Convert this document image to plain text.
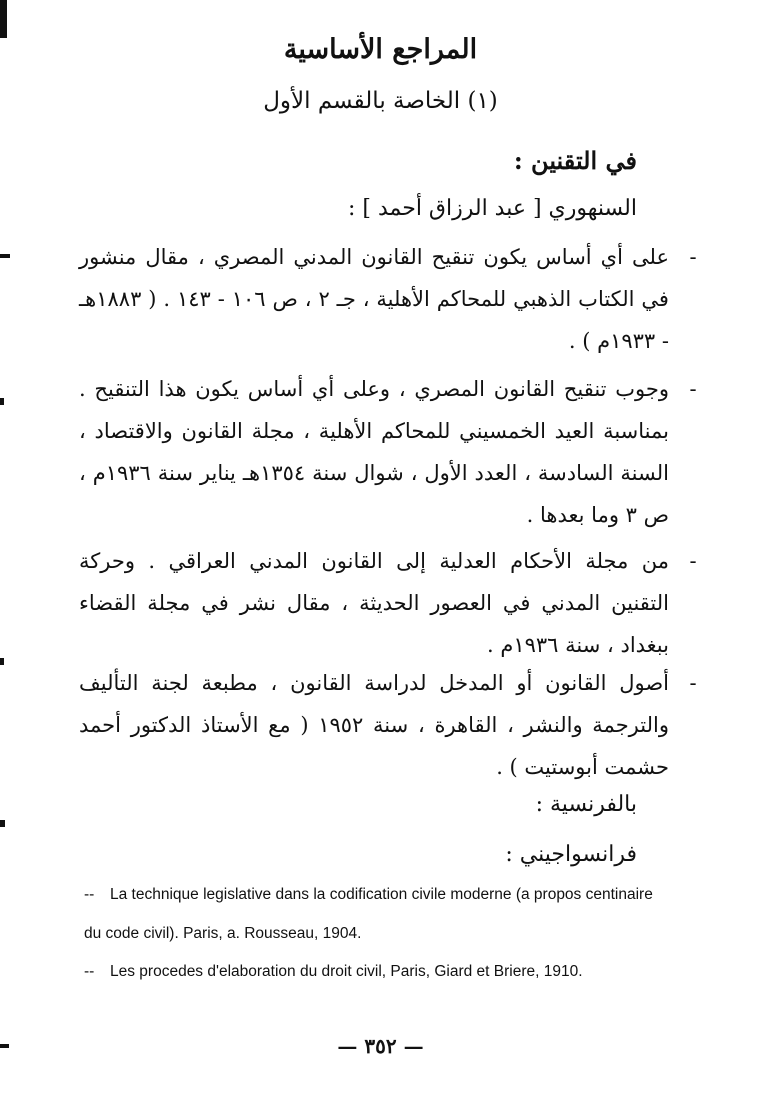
المراجع الأساسية
(١) الخاصة بالقسم الأول
في التقنين :
السنهوري [ عبد الرزاق أحمد ] :
-
على أي أساس يكون تنقيح القانون المدني المصري ، مقال منشور في الكتاب الذهبي للمحاكم الأهلية ، جـ ٢ ، ص ١٠٦ - ١٤٣ . ( ١٨٨٣هـ - ١٩٣٣م ) .
-
وجوب تنقيح القانون المصري ، وعلى أي أساس يكون هذا التنقيح . بمناسبة العيد الخمسيني للمحاكم الأهلية ، مجلة القانون والاقتصاد ، السنة السادسة ، العدد الأول ، شوال سنة ١٣٥٤هـ يناير سنة ١٩٣٦م ، ص ٣ وما بعدها .
-
من مجلة الأحكام العدلية إلى القانون المدني العراقي . وحركة التقنين المدني في العصور الحديثة ، مقال نشر في مجلة القضاء ببغداد ، سنة ١٩٣٦م .
-
أصول القانون أو المدخل لدراسة القانون ، مطبعة لجنة التأليف والترجمة والنشر ، القاهرة ، سنة ١٩٥٢ ( مع الأستاذ الدكتور أحمد حشمت أبوستيت ) .
بالفرنسية :
فرانسواجيني :
-- La technique legislative dans la codification civile moderne (a propos centinaire du code civil). Paris, a. Rousseau, 1904.
-- Les procedes d'elaboration du droit civil, Paris, Giard et Briere, 1910.
— ٣٥٢ —
